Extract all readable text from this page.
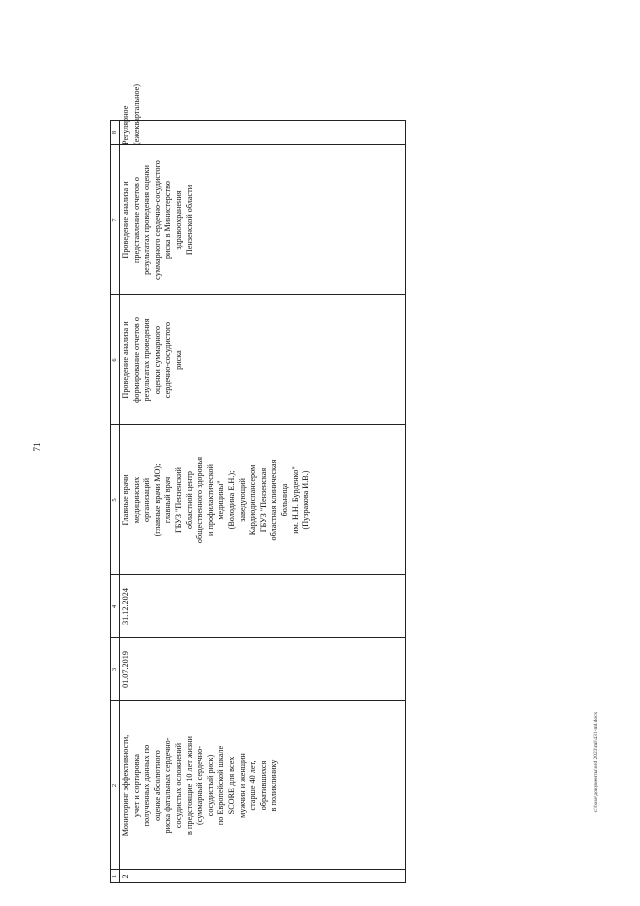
71
1
2
3
4
5
6
7
8
2
Мониторинг эффективности,
учет и сортировка
полученных данных по
оценке абсолютного
риска фатальных сердечно-
сосудистых осложнений
в предстоящие 10 лет жизни
(суммарный сердечно-
сосудистый риск)
по Европейской шкале
SCORE для всех
мужчин и женщин
старше 40 лет,
обратившихся
в поликлинику
01.07.2019
31.12.2024
Главные врачи
медицинских
организаций
(главные врачи МО);
главный врач
ГБУЗ "Пензенский
областной центр
общественного здоровья
и профилактической
медицины"
(Володина Е.Н.);
заведующий
Кардиодиспансером
ГБУЗ "Пензенская
областная клиническая
больница
им. Н.Н. Бурденко"
(Пузракова И.В.)
Проведение анализа и
формирование отчетов о
результатах проведения
оценки суммарного
сердечно-сосудистого
риска
Проведение анализа и
представление отчетов о
результатах проведения оценки
суммарного сердечно-сосудистого
риска в Министерство
здравоохранения
Пензенской области
Регулярное
(ежеквартальное)
c:\base\документы\ord 2023\ml\431-ml.docx
